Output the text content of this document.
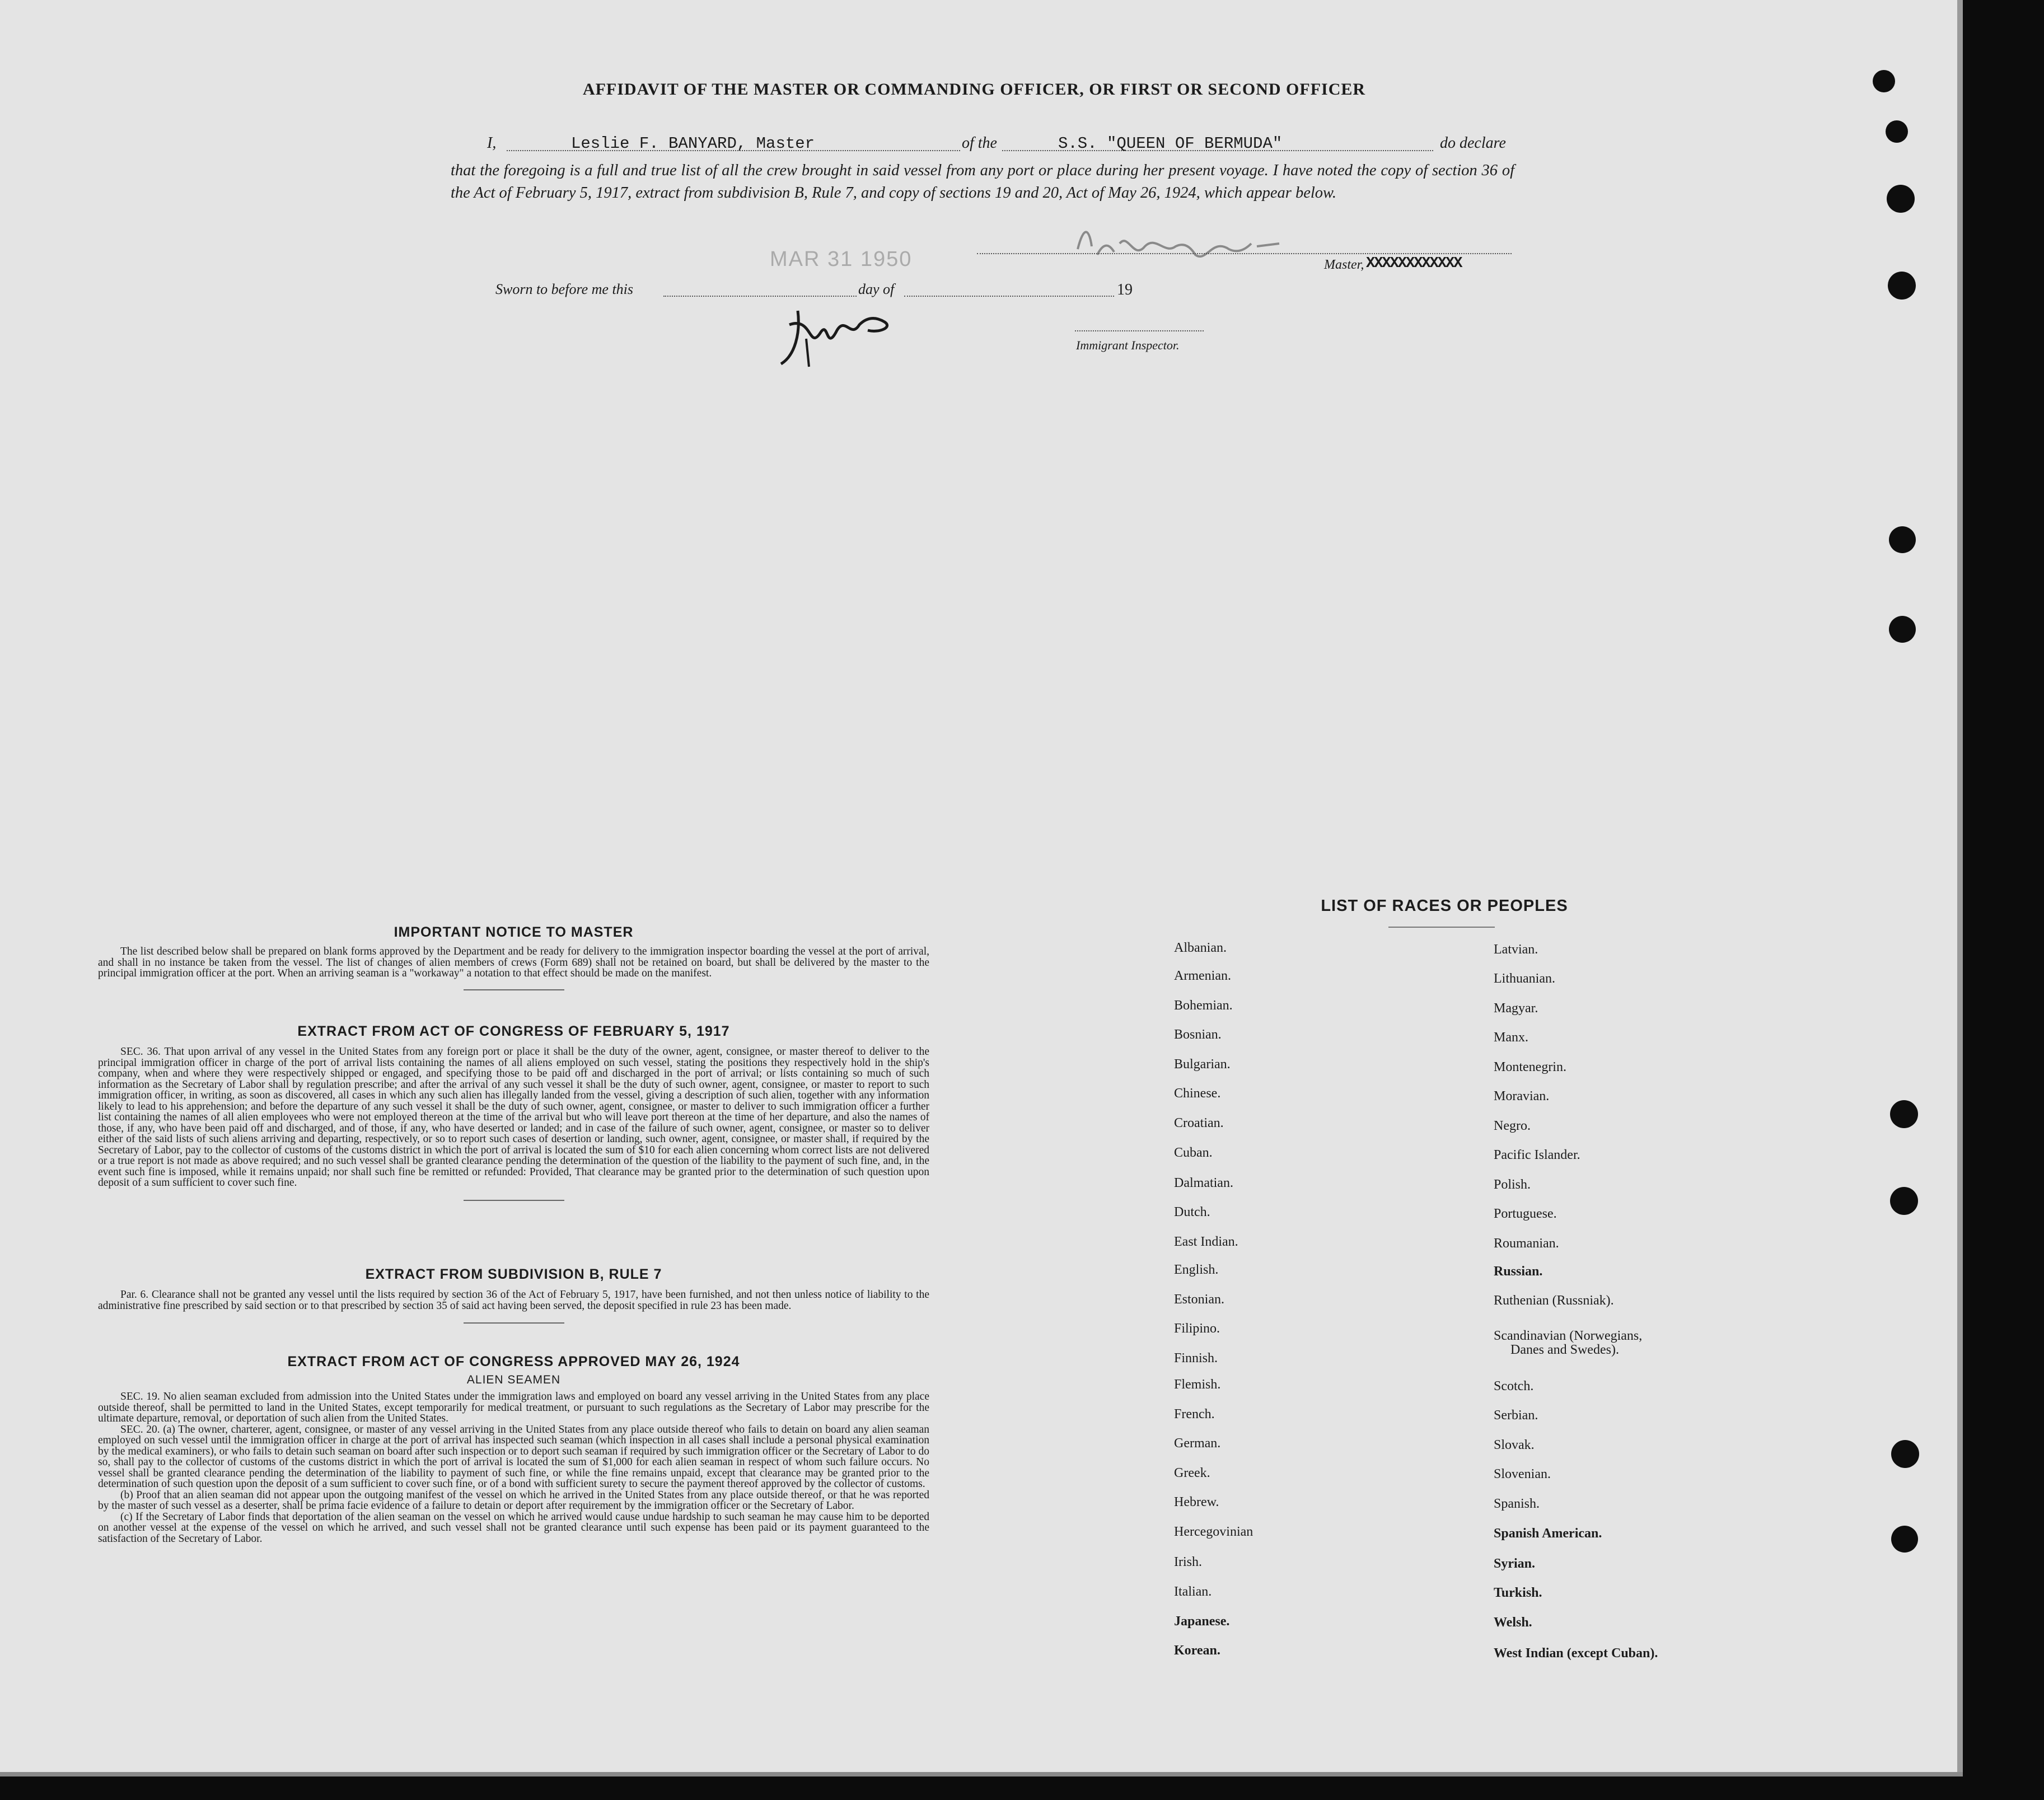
AFFIDAVIT OF THE MASTER OR COMMANDING OFFICER, OR FIRST OR SECOND OFFICER
I,	Leslie F. BANYARD, Master	of the	S.S. "QUEEN OF BERMUDA"	do declare
that the foregoing is a full and true list of all the crew brought in said vessel from any port or place during her present voyage. I have noted the copy of section 36 of the Act of February 5, 1917, extract from subdivision B, Rule 7, and copy of sections 19 and 20, Act of May 26, 1924, which appear below.
MAR 31 1950	Master, XXXXXXXXXXXX
Sworn to before me this	day of	19
Immigrant Inspector.
IMPORTANT NOTICE TO MASTER
The list described below shall be prepared on blank forms approved by the Department and be ready for delivery to the immigration inspector boarding the vessel at the port of arrival, and shall in no instance be taken from the vessel. The list of changes of alien members of crews (Form 689) shall not be retained on board, but shall be delivered by the master to the principal immigration officer at the port. When an arriving seaman is a "workaway" a notation to that effect should be made on the manifest.
EXTRACT FROM ACT OF CONGRESS OF FEBRUARY 5, 1917
SEC. 36. That upon arrival of any vessel in the United States from any foreign port or place it shall be the duty of the owner, agent, consignee, or master thereof to deliver to the principal immigration officer in charge of the port of arrival lists containing the names of all aliens employed on such vessel, stating the positions they respectively hold in the ship's company, when and where they were respectively shipped or engaged, and specifying those to be paid off and discharged in the port of arrival; or lists containing so much of such information as the Secretary of Labor shall by regulation prescribe; and after the arrival of any such vessel it shall be the duty of such owner, agent, consignee, or master to report to such immigration officer, in writing, as soon as discovered, all cases in which any such alien has illegally landed from the vessel, giving a description of such alien, together with any information likely to lead to his apprehension; and before the departure of any such vessel it shall be the duty of such owner, agent, consignee, or master to deliver to such immigration officer a further list containing the names of all alien employees who were not employed thereon at the time of the arrival but who will leave port thereon at the time of her departure, and also the names of those, if any, who have been paid off and discharged, and of those, if any, who have deserted or landed; and in case of the failure of such owner, agent, consignee, or master so to deliver either of the said lists of such aliens arriving and departing, respectively, or so to report such cases of desertion or landing, such owner, agent, consignee, or master shall, if required by the Secretary of Labor, pay to the collector of customs of the customs district in which the port of arrival is located the sum of $10 for each alien concerning whom correct lists are not delivered or a true report is not made as above required; and no such vessel shall be granted clearance pending the determination of the question of the liability to the payment of such fine, and, in the event such fine is imposed, while it remains unpaid; nor shall such fine be remitted or refunded: Provided, That clearance may be granted prior to the determination of such question upon deposit of a sum sufficient to cover such fine.
EXTRACT FROM SUBDIVISION B, RULE 7
Par. 6. Clearance shall not be granted any vessel until the lists required by section 36 of the Act of February 5, 1917, have been furnished, and not then unless notice of liability to the administrative fine prescribed by said section or to that prescribed by section 35 of said act having been served, the deposit specified in rule 23 has been made.
EXTRACT FROM ACT OF CONGRESS APPROVED MAY 26, 1924
ALIEN SEAMEN
SEC. 19. No alien seaman excluded from admission into the United States under the immigration laws and employed on board any vessel arriving in the United States from any place outside thereof, shall be permitted to land in the United States, except temporarily for medical treatment, or pursuant to such regulations as the Secretary of Labor may prescribe for the ultimate departure, removal, or deportation of such alien from the United States.
SEC. 20. (a) The owner, charterer, agent, consignee, or master of any vessel arriving in the United States from any place outside thereof who fails to detain on board any alien seaman employed on such vessel until the immigration officer in charge at the port of arrival has inspected such seaman (which inspection in all cases shall include a personal physical examination by the medical examiners), or who fails to detain such seaman on board after such inspection or to deport such seaman if required by such immigration officer or the Secretary of Labor to do so, shall pay to the collector of customs of the customs district in which the port of arrival is located the sum of $1,000 for each alien seaman in respect of whom such failure occurs. No vessel shall be granted clearance pending the determination of the liability to payment of such fine, or while the fine remains unpaid, except that clearance may be granted prior to the determination of such question upon the deposit of a sum sufficient to cover such fine, or of a bond with sufficient surety to secure the payment thereof approved by the collector of customs.
(b) Proof that an alien seaman did not appear upon the outgoing manifest of the vessel on which he arrived in the United States from any place outside thereof, or that he was reported by the master of such vessel as a deserter, shall be prima facie evidence of a failure to detain or deport after requirement by the immigration officer or the Secretary of Labor.
(c) If the Secretary of Labor finds that deportation of the alien seaman on the vessel on which he arrived would cause undue hardship to such seaman he may cause him to be deported on another vessel at the expense of the vessel on which he arrived, and such vessel shall not be granted clearance until such expense has been paid or its payment guaranteed to the satisfaction of the Secretary of Labor.
LIST OF RACES OR PEOPLES
Albanian.
Armenian.
Bohemian.
Bosnian.
Bulgarian.
Chinese.
Croatian.
Cuban.
Dalmatian.
Dutch.
East Indian.
English.
Estonian.
Filipino.
Finnish.
Flemish.
French.
German.
Greek.
Hebrew.
Hercegovinian
Irish.
Italian.
Japanese.
Korean.
Latvian.
Lithuanian.
Magyar.
Manx.
Montenegrin.
Moravian.
Negro.
Pacific Islander.
Polish.
Portuguese.
Roumanian.
Russian.
Ruthenian (Russniak).
Scandinavian (Norwegians,
Danes and Swedes).
Scotch.
Serbian.
Slovak.
Slovenian.
Spanish.
Spanish American.
Syrian.
Turkish.
Welsh.
West Indian (except Cuban).
